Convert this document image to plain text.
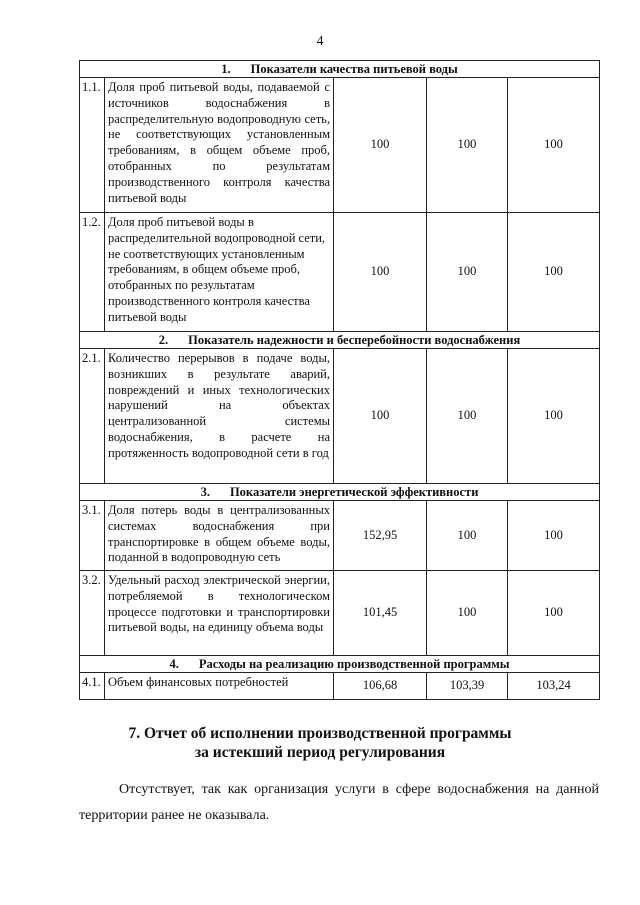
4
1. Показатели качества питьевой воды				
1.1.	Доля проб питьевой воды, подаваемой с источников водоснабжения в распределительную водопроводную сеть, не соответствующих установленным требованиям, в общем объеме проб, отобранных по результатам производственного контроля качества питьевой воды	100	100	100
1.2.	Доля проб питьевой воды в распределительной водопроводной сети, не соответствующих установленным требованиям, в общем объеме проб, отобранных по результатам производственного контроля качества питьевой воды	100	100	100
2. Показатель надежности и бесперебойности водоснабжения				
2.1.	Количество перерывов в подаче воды, возникших в результате аварий, повреждений и иных технологических нарушений на объектах централизованной системы водоснабжения, в расчете на протяженность водопроводной сети в год	100	100	100
3. Показатели энергетической эффективности				
3.1.	Доля потерь воды в централизованных системах водоснабжения при транспортировке в общем объеме воды, поданной в водопроводную сеть	152,95	100	100
3.2.	Удельный расход электрической энергии, потребляемой в технологическом процессе подготовки и транспортировки питьевой воды, на единицу объема воды	101,45	100	100
4. Расходы на реализацию производственной программы				
4.1.	Объем финансовых потребностей	106,68	103,39	103,24
7. Отчет об исполнении производственной программы
за истекший период регулирования
Отсутствует, так как организация услуги в сфере водоснабжения на данной территории ранее не оказывала.
